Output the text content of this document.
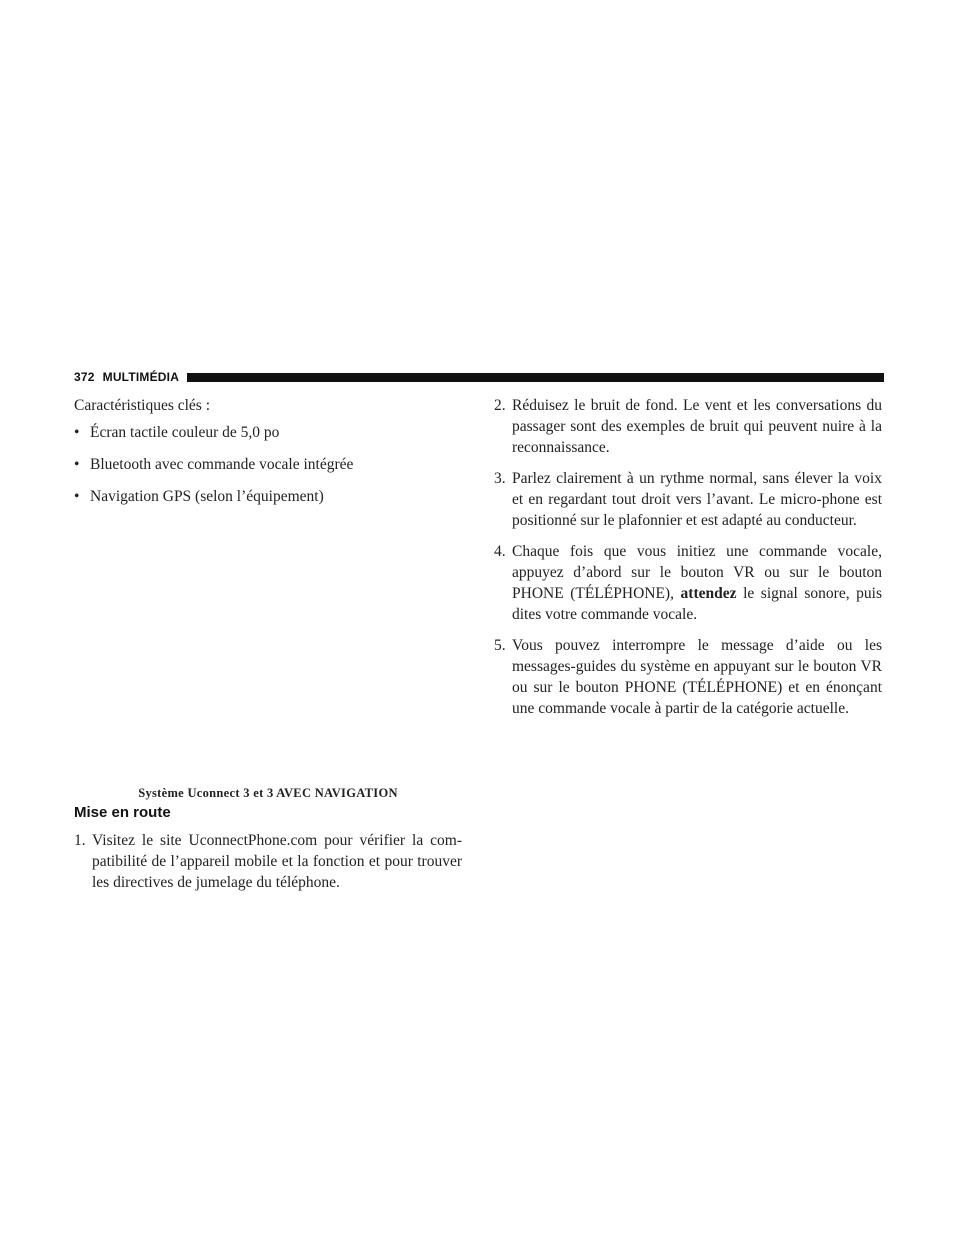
372 MULTIMÉDIA

Caractéristiques clés :

• Écran tactile couleur de 5,0 po
• Bluetooth avec commande vocale intégrée
• Navigation GPS (selon l’équipement)
Système Uconnect 3 et 3 AVEC NAVIGATION
Mise en route

1. Visitez le site UconnectPhone.com pour vérifier la com-patibilité de l’appareil mobile et la fonction et pour trouver les directives de jumelage du téléphone.

2. Réduisez le bruit de fond. Le vent et les conversations du passager sont des exemples de bruit qui peuvent nuire à la reconnaissance.

3. Parlez clairement à un rythme normal, sans élever la voix et en regardant tout droit vers l’avant. Le micro-phone est positionné sur le plafonnier et est adapté au conducteur.

4. Chaque fois que vous initiez une commande vocale, appuyez d’abord sur le bouton VR ou sur le bouton PHONE (TÉLÉPHONE), attendez le signal sonore, puis dites votre commande vocale.

5. Vous pouvez interrompre le message d’aide ou les messages-guides du système en appuyant sur le bouton VR ou sur le bouton PHONE (TÉLÉPHONE) et en énonçant une commande vocale à partir de la catégorie actuelle.
